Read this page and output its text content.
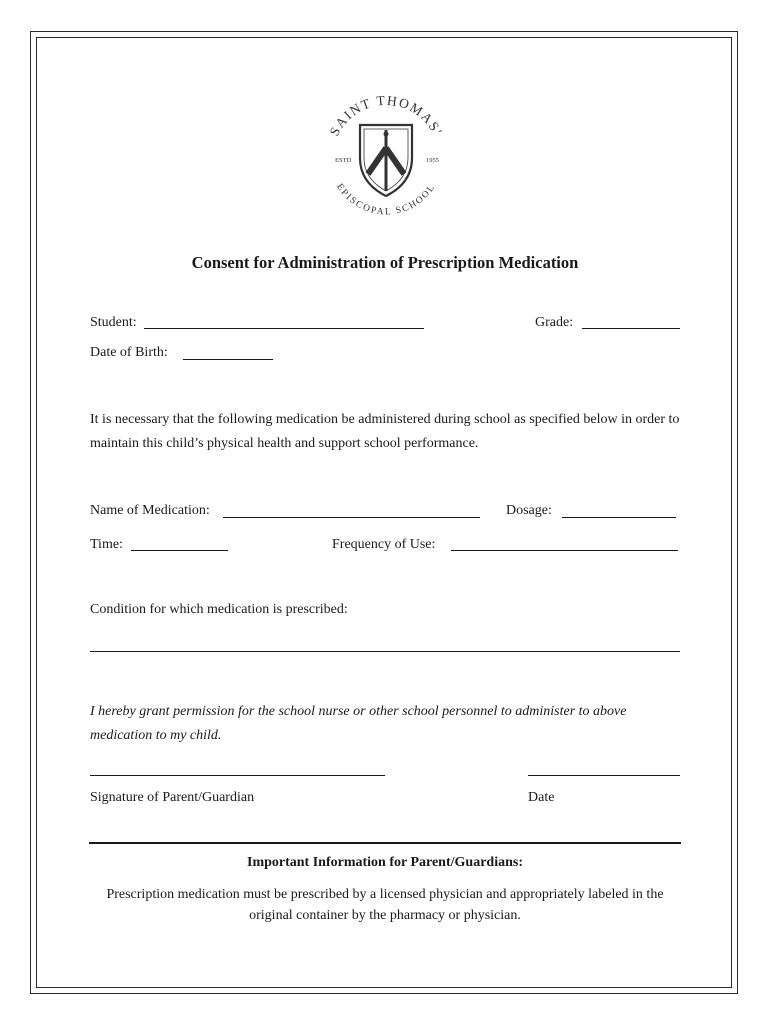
SAINT THOMAS'
EPISCOPAL SCHOOL
ESTD	1955
Consent for Administration of Prescription Medication
Student:	Grade:
Date of Birth:
It is necessary that the following medication be administered during school as specified below in order to maintain this child’s physical health and support school performance.
Name of Medication:	Dosage:
Time:	Frequency of Use:
Condition for which medication is prescribed:
I hereby grant permission for the school nurse or other school personnel to administer to above medication to my child.
Signature of Parent/Guardian	Date
Important Information for Parent/Guardians:
Prescription medication must be prescribed by a licensed physician and appropriately labeled in the original container by the pharmacy or physician.
